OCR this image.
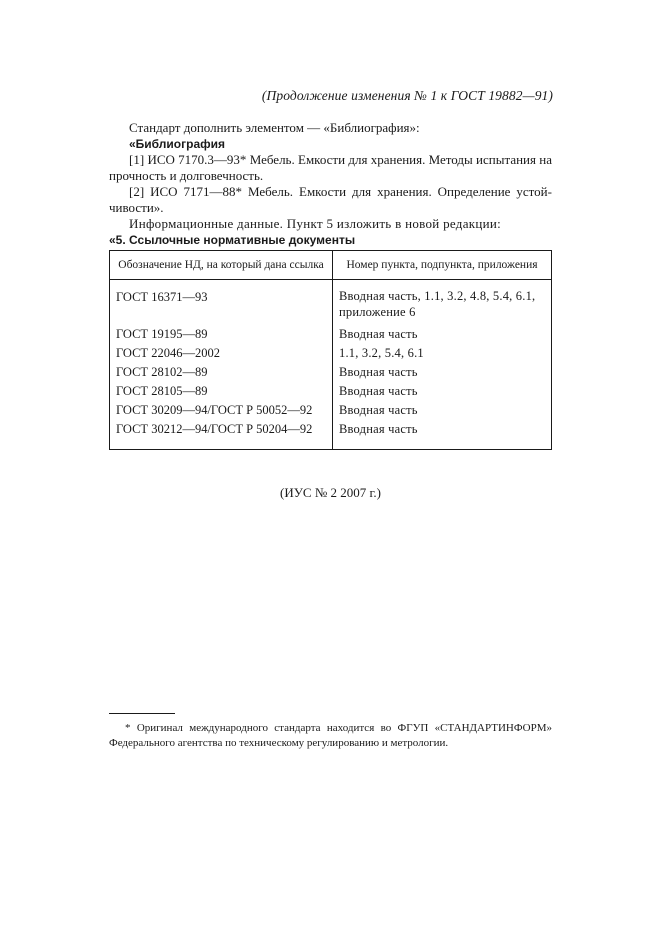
(Продолжение изменения № 1 к ГОСТ 19882—91)

Стандарт дополнить элементом — «Библиография»:

«Библиография

[1] ИСО 7170.3—93* Мебель. Емкости для хранения. Методы испытания на прочность и долговечность.

[2] ИСО 7171—88* Мебель. Емкости для хранения. Определение устойчивости».

Информационные данные. Пункт 5 изложить в новой редакции:

«5. Ссылочные нормативные документы

Обозначение НД, на который дана ссылка	Номер пункта, подпункта, приложения
ГОСТ 16371—93	Вводная часть, 1.1, 3.2, 4.8, 5.4, 6.1, приложение 6
ГОСТ 19195—89	Вводная часть
ГОСТ 22046—2002	1.1, 3.2, 5.4, 6.1
ГОСТ 28102—89	Вводная часть
ГОСТ 28105—89	Вводная часть
ГОСТ 30209—94/ГОСТ Р 50052—92	Вводная часть
ГОСТ 30212—94/ГОСТ Р 50204—92	Вводная часть
(ИУС № 2 2007 г.)

* Оригинал международного стандарта находится во ФГУП «СТАНДАРТИНФОРМ» Федерального агентства по техническому регулированию и метрологии.
